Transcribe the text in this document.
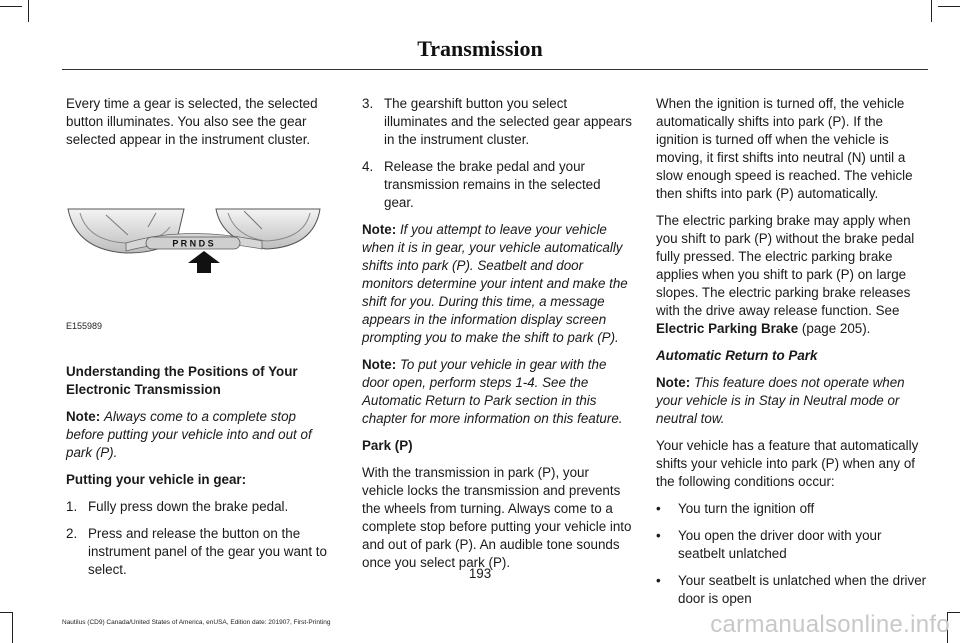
Transmission

Every time a gear is selected, the selected button illuminates. You also see the gear selected appear in the instrument cluster.

P R N D S
E155989

Understanding the Positions of Your Electronic Transmission

Note: Always come to a complete stop before putting your vehicle into and out of park (P).

Putting your vehicle in gear:

1. Fully press down the brake pedal.
2. Press and release the button on the instrument panel of the gear you want to select.
3. The gearshift button you select illuminates and the selected gear appears in the instrument cluster.
4. Release the brake pedal and your transmission remains in the selected gear.

Note: If you attempt to leave your vehicle when it is in gear, your vehicle automatically shifts into park (P). Seatbelt and door monitors determine your intent and make the shift for you. During this time, a message appears in the information display screen prompting you to make the shift to park (P).

Note: To put your vehicle in gear with the door open, perform steps 1-4. See the Automatic Return to Park section in this chapter for more information on this feature.

Park (P)

With the transmission in park (P), your vehicle locks the transmission and prevents the wheels from turning. Always come to a complete stop before putting your vehicle into and out of park (P). An audible tone sounds once you select park (P).

When the ignition is turned off, the vehicle automatically shifts into park (P). If the ignition is turned off when the vehicle is moving, it first shifts into neutral (N) until a slow enough speed is reached. The vehicle then shifts into park (P) automatically.

The electric parking brake may apply when you shift to park (P) without the brake pedal fully pressed. The electric parking brake applies when you shift to park (P) on large slopes. The electric parking brake releases with the drive away release function. See Electric Parking Brake (page 205).

Automatic Return to Park

Note: This feature does not operate when your vehicle is in Stay in Neutral mode or neutral tow.

Your vehicle has a feature that automatically shifts your vehicle into park (P) when any of the following conditions occur:

• You turn the ignition off
• You open the driver door with your seatbelt unlatched
• Your seatbelt is unlatched when the driver door is open
193
Nautilus (CD9) Canada/United States of America, enUSA, Edition date: 201907, First-Printing	carmanualsonline.info
